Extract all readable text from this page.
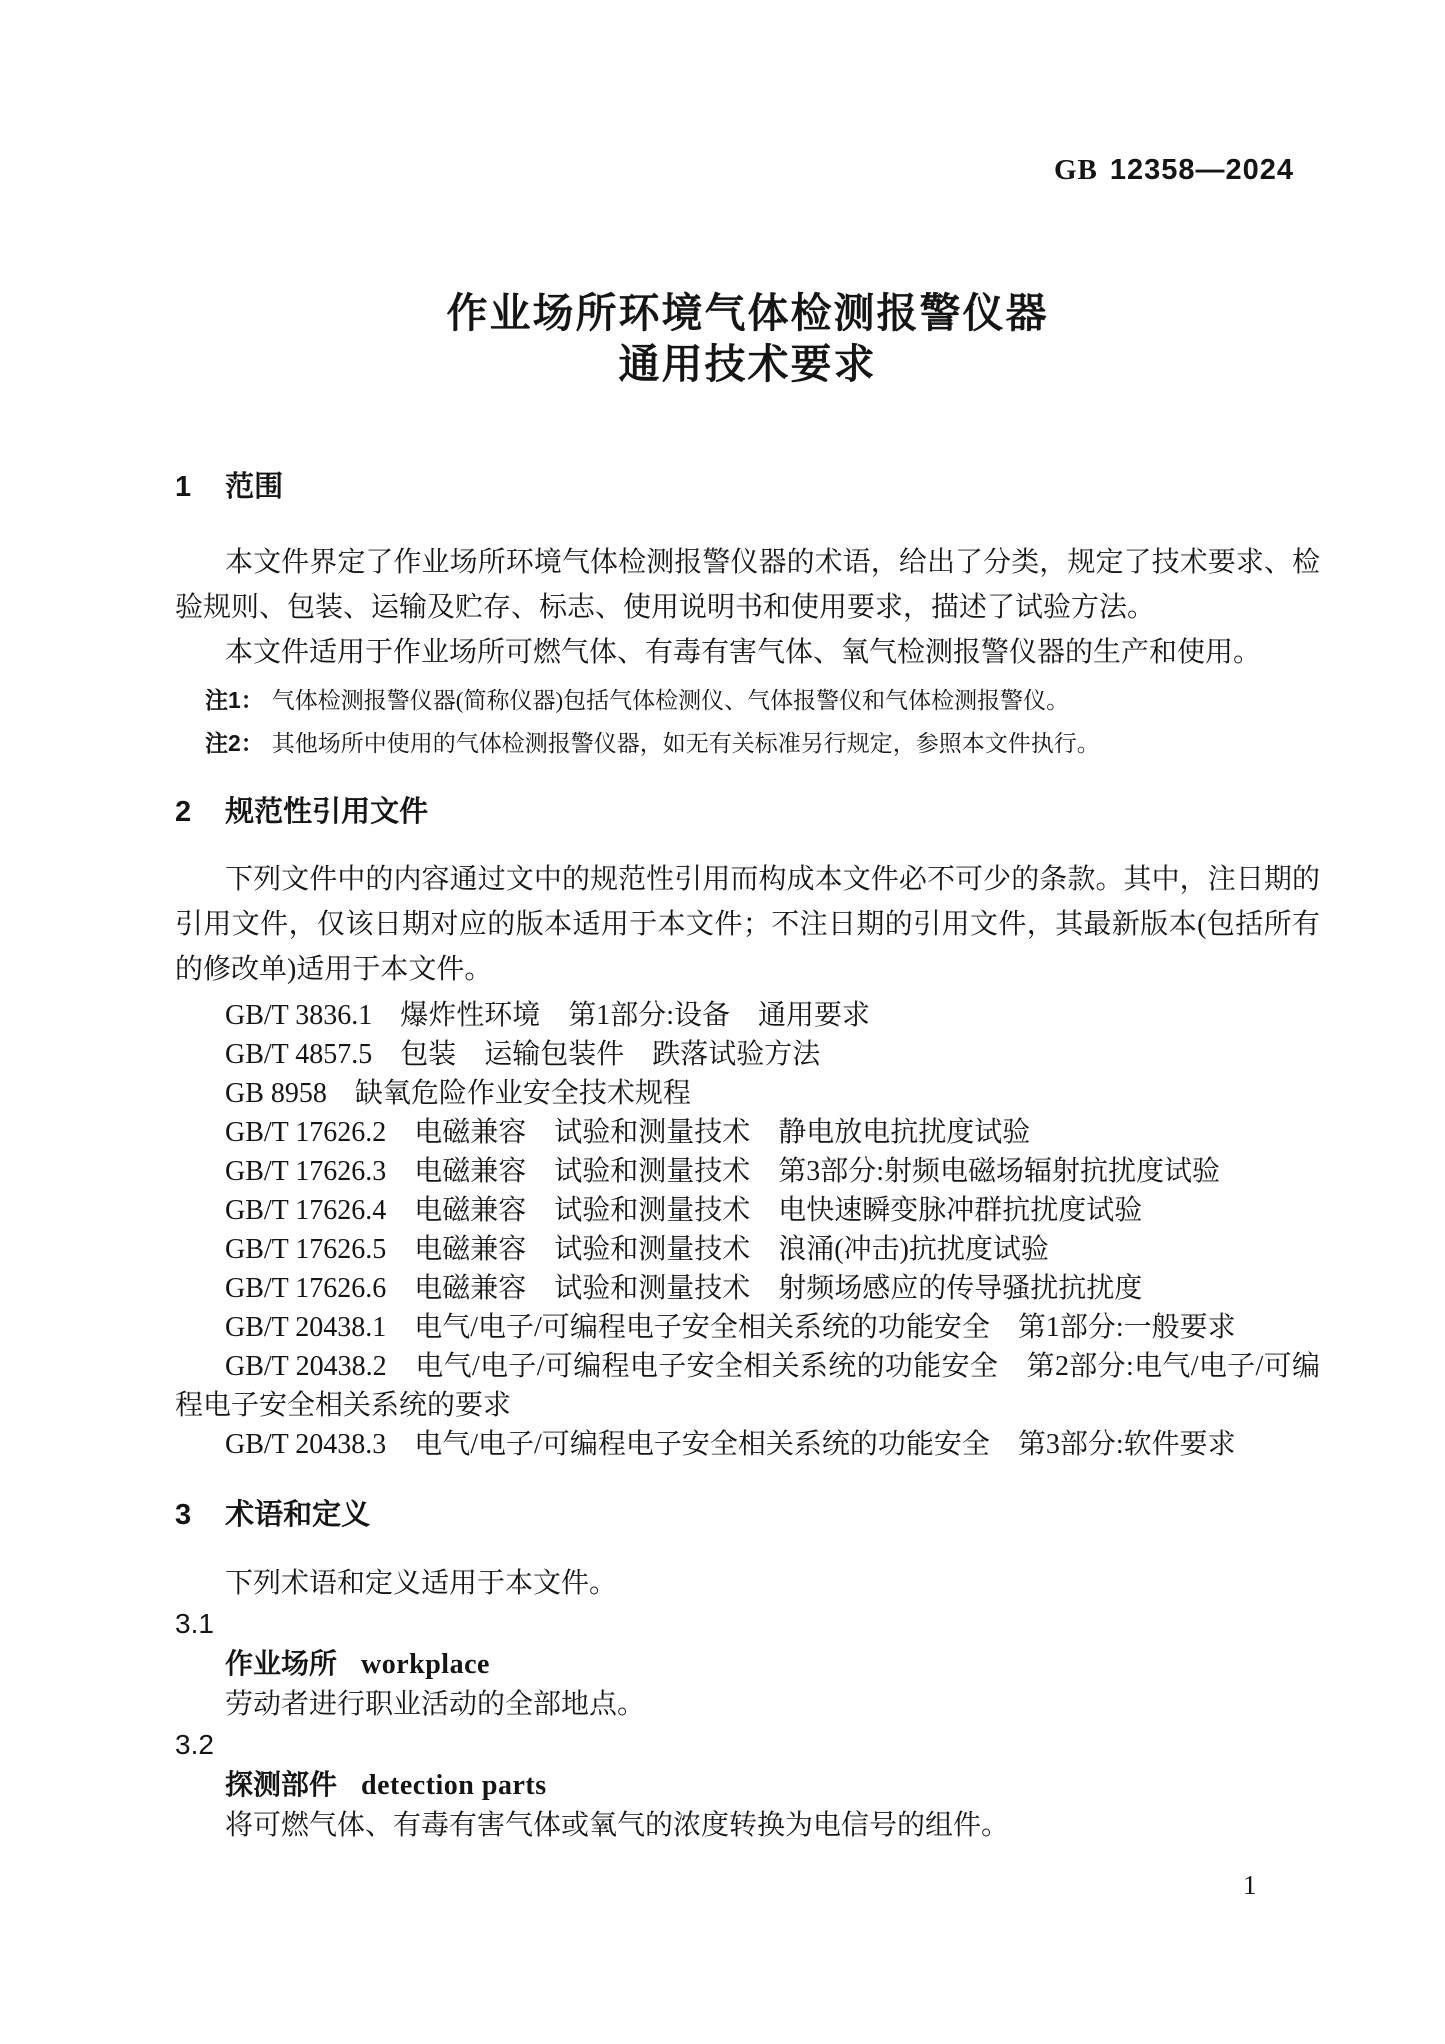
GB 12358—2024
作业场所环境气体检测报警仪器
通用技术要求
1 范围

本文件界定了作业场所环境气体检测报警仪器的术语，给出了分类，规定了技术要求、检验规则、包装、运输及贮存、标志、使用说明书和使用要求，描述了试验方法。

本文件适用于作业场所可燃气体、有毒有害气体、氧气检测报警仪器的生产和使用。

注1： 气体检测报警仪器(简称仪器)包括气体检测仪、气体报警仪和气体检测报警仪。

注2： 其他场所中使用的气体检测报警仪器，如无有关标准另行规定，参照本文件执行。

2 规范性引用文件

下列文件中的内容通过文中的规范性引用而构成本文件必不可少的条款。其中，注日期的引用文件，仅该日期对应的版本适用于本文件；不注日期的引用文件，其最新版本(包括所有的修改单)适用于本文件。

GB/T 3836.1　爆炸性环境　第1部分:设备　通用要求

GB/T 4857.5　包装　运输包装件　跌落试验方法

GB 8958　缺氧危险作业安全技术规程

GB/T 17626.2　电磁兼容　试验和测量技术　静电放电抗扰度试验

GB/T 17626.3　电磁兼容　试验和测量技术　第3部分:射频电磁场辐射抗扰度试验

GB/T 17626.4　电磁兼容　试验和测量技术　电快速瞬变脉冲群抗扰度试验

GB/T 17626.5　电磁兼容　试验和测量技术　浪涌(冲击)抗扰度试验

GB/T 17626.6　电磁兼容　试验和测量技术　射频场感应的传导骚扰抗扰度

GB/T 20438.1　电气/电子/可编程电子安全相关系统的功能安全　第1部分:一般要求

GB/T 20438.2　电气/电子/可编程电子安全相关系统的功能安全　第2部分:电气/电子/可编程电子安全相关系统的要求

GB/T 20438.3　电气/电子/可编程电子安全相关系统的功能安全　第3部分:软件要求

3 术语和定义

下列术语和定义适用于本文件。

3.1

作业场所 workplace

劳动者进行职业活动的全部地点。

3.2

探测部件 detection parts

将可燃气体、有毒有害气体或氧气的浓度转换为电信号的组件。

1
